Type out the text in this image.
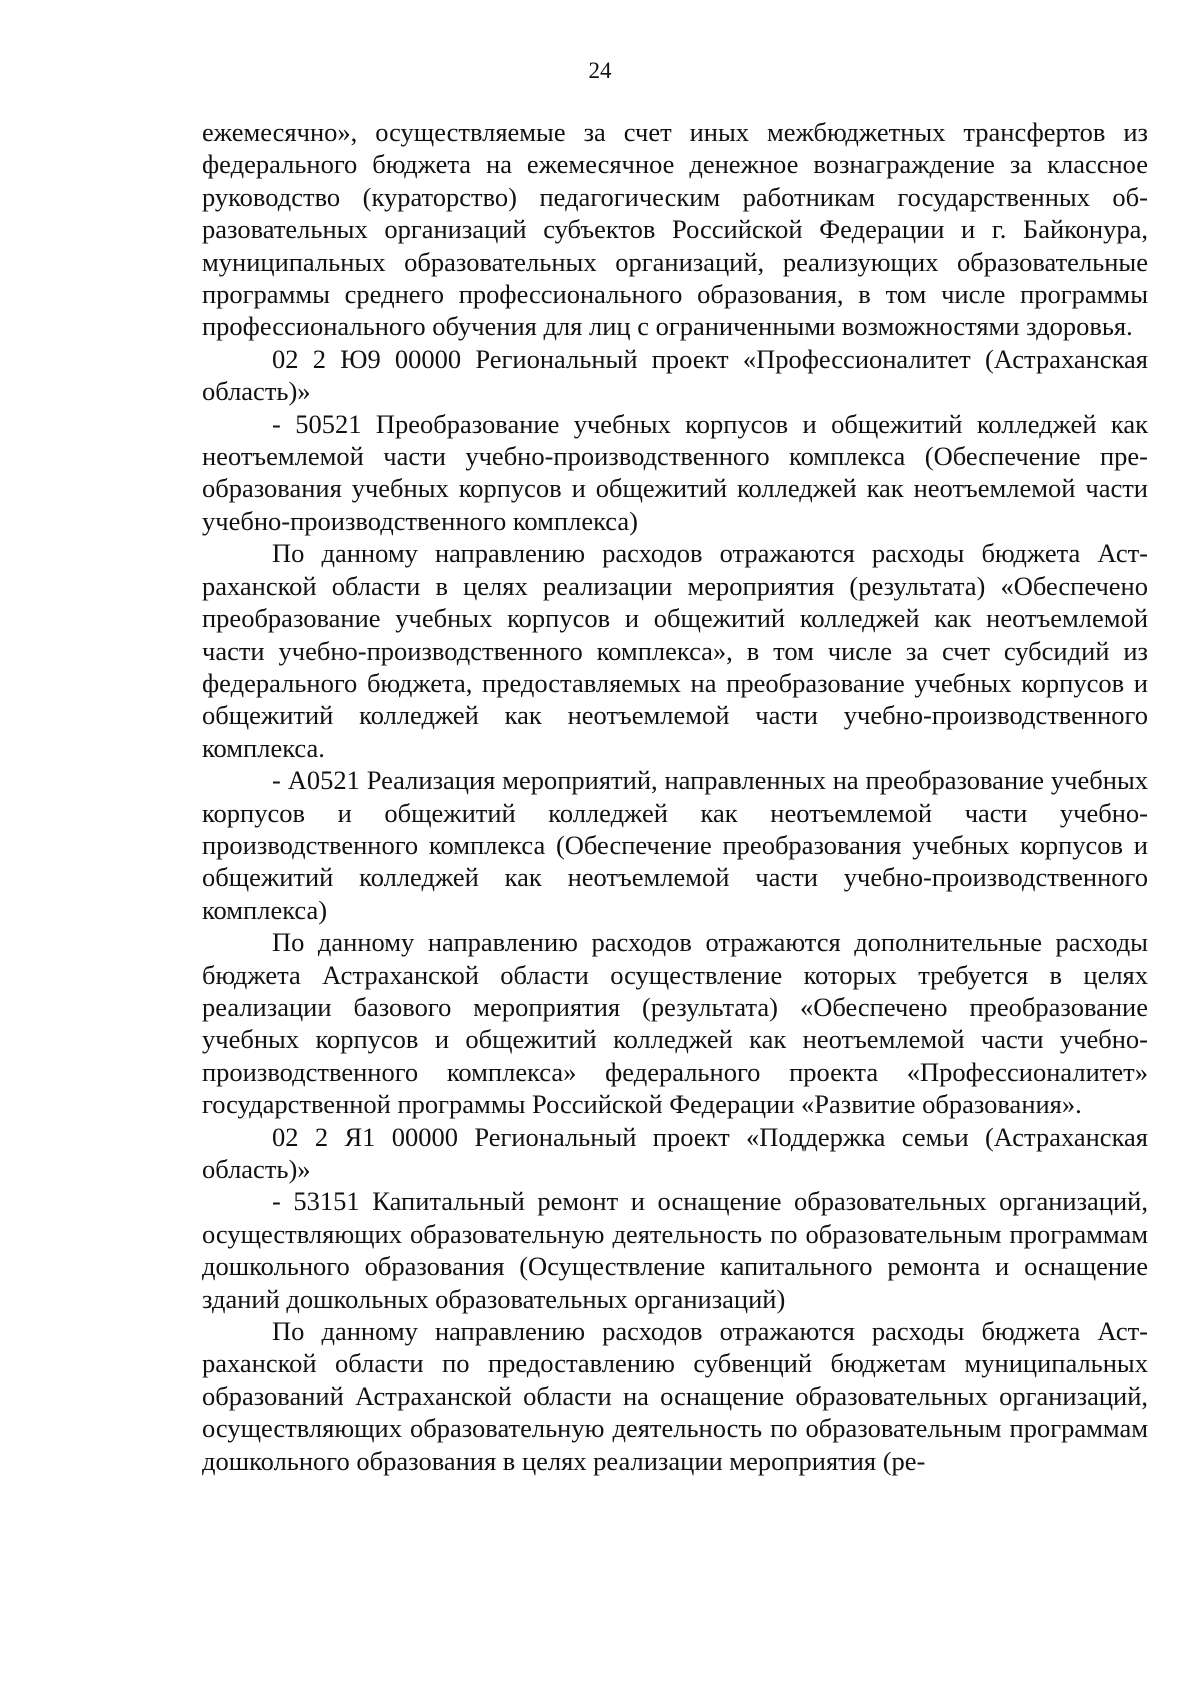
24

ежемесячно», осуществляемые за счет иных межбюджетных трансфертов из федерального бюджета на ежемесячное денежное вознаграждение за классное руководство (кураторство) педагогическим работникам государственных образовательных организаций субъектов Российской Федерации и г. Байконура, муниципальных образовательных организаций, реализующих образовательные программы среднего профессионального образования, в том числе программы профессионального обучения для лиц с ограниченными возможностями здоровья.

02 2 Ю9 00000 Региональный проект «Профессионалитет (Астраханская область)»

- 50521 Преобразование учебных корпусов и общежитий колледжей как неотъемлемой части учебно-производственного комплекса (Обеспечение преобразования учебных корпусов и общежитий колледжей как неотъемлемой части учебно-производственного комплекса)

По данному направлению расходов отражаются расходы бюджета Астраханской области в целях реализации мероприятия (результата) «Обеспечено преобразование учебных корпусов и общежитий колледжей как неотъемлемой части учебно-производственного комплекса», в том числе за счет субсидий из федерального бюджета, предоставляемых на преобразование учебных корпусов и общежитий колледжей как неотъемлемой части учебно-производственного комплекса.

- А0521 Реализация мероприятий, направленных на преобразование учебных корпусов и общежитий колледжей как неотъемлемой части учебно-производственного комплекса (Обеспечение преобразования учебных корпусов и общежитий колледжей как неотъемлемой части учебно-производственного комплекса)

По данному направлению расходов отражаются дополнительные расходы бюджета Астраханской области осуществление которых требуется в целях реализации базового мероприятия (результата) «Обеспечено преобразование учебных корпусов и общежитий колледжей как неотъемлемой части учебно-производственного комплекса» федерального проекта «Профессионалитет» государственной программы Российской Федерации «Развитие образования».

02 2 Я1 00000 Региональный проект «Поддержка семьи (Астраханская область)»

- 53151 Капитальный ремонт и оснащение образовательных организаций, осуществляющих образовательную деятельность по образовательным программам дошкольного образования (Осуществление капитального ремонта и оснащение зданий дошкольных образовательных организаций)

По данному направлению расходов отражаются расходы бюджета Астраханской области по предоставлению субвенций бюджетам муниципальных образований Астраханской области на оснащение образовательных организаций, осуществляющих образовательную деятельность по образовательным программам дошкольного образования в целях реализации мероприятия (ре-
